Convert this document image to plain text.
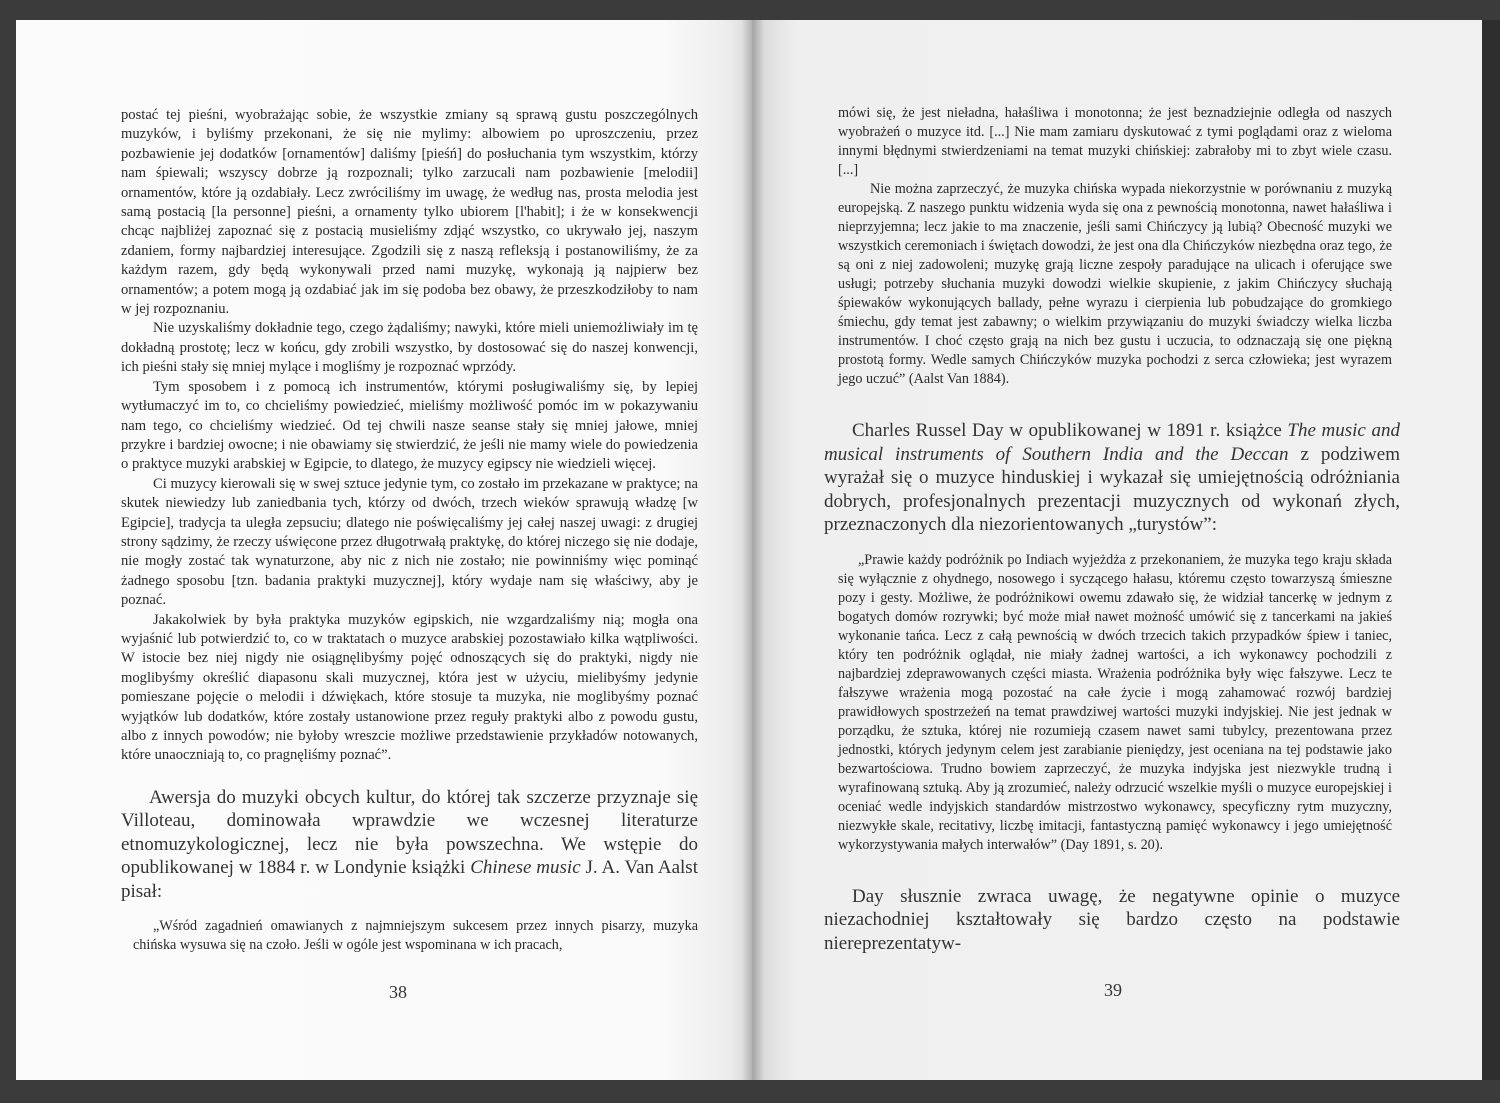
postać tej pieśni, wyobrażając sobie, że wszystkie zmiany są sprawą gustu poszczególnych muzyków, i byliśmy przekonani, że się nie mylimy: albowiem po uproszczeniu, przez pozbawienie jej dodatków [ornamentów] daliśmy [pieśń] do posłuchania tym wszystkim, którzy nam śpiewali; wszyscy dobrze ją rozpoznali; tylko zarzucali nam pozbawienie [melodii] ornamentów, które ją ozdabiały. Lecz zwróciliśmy im uwagę, że według nas, prosta melodia jest samą postacią [la personne] pieśni, a ornamenty tylko ubiorem [l'habit]; i że w konsekwencji chcąc najbliżej zapoznać się z postacią musieliśmy zdjąć wszystko, co ukrywało jej, naszym zdaniem, formy najbardziej interesujące. Zgodzili się z naszą refleksją i postanowiliśmy, że za każdym razem, gdy będą wykonywali przed nami muzykę, wykonają ją najpierw bez ornamentów; a potem mogą ją ozdabiać jak im się podoba bez obawy, że przeszkodziłoby to nam w jej rozpoznaniu.

Nie uzyskaliśmy dokładnie tego, czego żądaliśmy; nawyki, które mieli uniemożliwiały im tę dokładną prostotę; lecz w końcu, gdy zrobili wszystko, by dostosować się do naszej konwencji, ich pieśni stały się mniej mylące i mogliśmy je rozpoznać wprzódy.

Tym sposobem i z pomocą ich instrumentów, którymi posługiwaliśmy się, by lepiej wytłumaczyć im to, co chcieliśmy powiedzieć, mieliśmy możliwość pomóc im w pokazywaniu nam tego, co chcieliśmy wiedzieć. Od tej chwili nasze seanse stały się mniej jałowe, mniej przykre i bardziej owocne; i nie obawiamy się stwierdzić, że jeśli nie mamy wiele do powiedzenia o praktyce muzyki arabskiej w Egipcie, to dlatego, że muzycy egipscy nie wiedzieli więcej.

Ci muzycy kierowali się w swej sztuce jedynie tym, co zostało im przekazane w praktyce; na skutek niewiedzy lub zaniedbania tych, którzy od dwóch, trzech wieków sprawują władzę [w Egipcie], tradycja ta uległa zepsuciu; dlatego nie poświęcaliśmy jej całej naszej uwagi: z drugiej strony sądzimy, że rzeczy uświęcone przez długotrwałą praktykę, do której niczego się nie dodaje, nie mogły zostać tak wynaturzone, aby nic z nich nie zostało; nie powinniśmy więc pominąć żadnego sposobu [tzn. badania praktyki muzycznej], który wydaje nam się właściwy, aby je poznać.

Jakakolwiek by była praktyka muzyków egipskich, nie wzgardzaliśmy nią; mogła ona wyjaśnić lub potwierdzić to, co w traktatach o muzyce arabskiej pozostawiało kilka wątpliwości. W istocie bez niej nigdy nie osiągnęlibyśmy pojęć odnoszących się do praktyki, nigdy nie moglibyśmy określić diapasonu skali muzycznej, która jest w użyciu, mielibyśmy jedynie pomieszane pojęcie o melodii i dźwiękach, które stosuje ta muzyka, nie moglibyśmy poznać wyjątków lub dodatków, które zostały ustanowione przez reguły praktyki albo z powodu gustu, albo z innych powodów; nie byłoby wreszcie możliwe przedstawienie przykładów notowanych, które unaoczniają to, co pragnęliśmy poznać”.

Awersja do muzyki obcych kultur, do której tak szczerze przyznaje się Villoteau, dominowała wprawdzie we wczesnej literaturze etnomuzykologicznej, lecz nie była powszechna. We wstępie do opublikowanej w 1884 r. w Londynie książki Chinese music J. A. Van Aalst pisał:

„Wśród zagadnień omawianych z najmniejszym sukcesem przez innych pisarzy, muzyka chińska wysuwa się na czoło. Jeśli w ogóle jest wspominana w ich pracach,

38

mówi się, że jest nieładna, hałaśliwa i monotonna; że jest beznadziejnie odległa od naszych wyobrażeń o muzyce itd. [...] Nie mam zamiaru dyskutować z tymi poglądami oraz z wieloma innymi błędnymi stwierdzeniami na temat muzyki chińskiej: zabrałoby mi to zbyt wiele czasu. [...]

Nie można zaprzeczyć, że muzyka chińska wypada niekorzystnie w porównaniu z muzyką europejską. Z naszego punktu widzenia wyda się ona z pewnością monotonna, nawet hałaśliwa i nieprzyjemna; lecz jakie to ma znaczenie, jeśli sami Chińczycy ją lubią? Obecność muzyki we wszystkich ceremoniach i świętach dowodzi, że jest ona dla Chińczyków niezbędna oraz tego, że są oni z niej zadowoleni; muzykę grają liczne zespoły paradujące na ulicach i oferujące swe usługi; potrzeby słuchania muzyki dowodzi wielkie skupienie, z jakim Chińczycy słuchają śpiewaków wykonujących ballady, pełne wyrazu i cierpienia lub pobudzające do gromkiego śmiechu, gdy temat jest zabawny; o wielkim przywiązaniu do muzyki świadczy wielka liczba instrumentów. I choć często grają na nich bez gustu i uczucia, to odznaczają się one piękną prostotą formy. Wedle samych Chińczyków muzyka pochodzi z serca człowieka; jest wyrazem jego uczuć” (Aalst Van 1884).

Charles Russel Day w opublikowanej w 1891 r. książce The music and musical instruments of Southern India and the Deccan z podziwem wyrażał się o muzyce hinduskiej i wykazał się umiejętnością odróżniania dobrych, profesjonalnych prezentacji muzycznych od wykonań złych, przeznaczonych dla niezorientowanych „turystów”:

„Prawie każdy podróżnik po Indiach wyjeżdża z przekonaniem, że muzyka tego kraju składa się wyłącznie z ohydnego, nosowego i syczącego hałasu, któremu często towarzyszą śmieszne pozy i gesty. Możliwe, że podróżnikowi owemu zdawało się, że widział tancerkę w jednym z bogatych domów rozrywki; być może miał nawet możność umówić się z tancerkami na jakieś wykonanie tańca. Lecz z całą pewnością w dwóch trzecich takich przypadków śpiew i taniec, który ten podróżnik oglądał, nie miały żadnej wartości, a ich wykonawcy pochodzili z najbardziej zdeprawowanych części miasta. Wrażenia podróżnika były więc fałszywe. Lecz te fałszywe wrażenia mogą pozostać na całe życie i mogą zahamować rozwój bardziej prawidłowych spostrzeżeń na temat prawdziwej wartości muzyki indyjskiej. Nie jest jednak w porządku, że sztuka, której nie rozumieją czasem nawet sami tubylcy, prezentowana przez jednostki, których jedynym celem jest zarabianie pieniędzy, jest oceniana na tej podstawie jako bezwartościowa. Trudno bowiem zaprzeczyć, że muzyka indyjska jest niezwykle trudną i wyrafinowaną sztuką. Aby ją zrozumieć, należy odrzucić wszelkie myśli o muzyce europejskiej i oceniać wedle indyjskich standardów mistrzostwo wykonawcy, specyficzny rytm muzyczny, niezwykłe skale, recitativy, liczbę imitacji, fantastyczną pamięć wykonawcy i jego umiejętność wykorzystywania małych interwałów” (Day 1891, s. 20).

Day słusznie zwraca uwagę, że negatywne opinie o muzyce niezachodniej kształtowały się bardzo często na podstawie niereprezentatyw-

39
